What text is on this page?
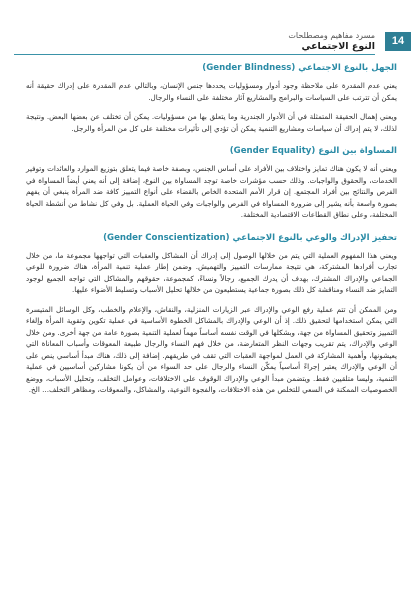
مسرد مفاهيم ومصطلحات
النوع الاجتماعي	14
الجهل بالنوع الاجتماعي (Gender Blindness)

يعني عدم المقدرة على ملاحظة وجود أدوار ومسؤوليات يحددها جنس الإنسان، وبالتالي عدم المقدرة على إدراك حقيقة أنه يمكن أن تترتب على السياسات والبرامج والمشاريع آثار مختلفة على النساء والرجال.

ويعني إهمال الحقيقة المتمثلة في أن الأدوار الجندرية وما يتعلق بها من مسؤوليات. يمكن أن تختلف عن بعضها البعض. ونتيجة لذلك، لا يتم إدراك أن سياسات ومشاريع التنمية يمكن أن تؤدي إلى تأثيرات مختلفة على كل من المرأة والرجل.

المساواة بين النوع (Gender Equality)

ويعني أنه لا يكون هناك تمايز واختلاف بين الأفراد على أساس الجنس، وبصفة خاصة فيما يتعلق بتوزيع الموارد والعائدات وتوفير الخدمات، والحقوق والواجبات. وذلك حسب مؤشرات خاصة توجد المساواة بين النوع، إضافة إلى أنه يعني أيضاً المساواة في الفرص والنتائج بين أفراد المجتمع. إن قرار الأمم المتحدة الخاص بالقضاء على أنواع التمييز كافة ضد المرأة ينبغي أن يفهم بصورة واسعة بأنه يشير إلى ضرورة المساواة في الفرص والواجبات وفي الحياة العملية. بل وفي كل نشاط من أنشطة الحياة المختلفة، وعلى نطاق القطاعات الاقتصادية المختلفة.

تحفيز الإدراك والوعي بالنوع الاجتماعي (Gender Conscientization)

ويعني هذا المفهوم العملية التي يتم من خلالها الوصول إلى إدراك أن المشاكل والعقبات التي تواجهها مجموعة ما، من خلال تجارب أفرادها المشتركة، هي نتيجة ممارسات التمييز والتهميش. وضمن إطار عملية تنمية المرأة، هناك ضرورة للوعي الجماعي والإدراك المشترك، بهدف أن يدرك الجميع، رجالاً ونساءً، كمجموعة، حقوقهم والمشاكل التي تواجه الجميع لوجود التمايز ضد النساء ومناقشة كل ذلك بصورة جماعية يستطيعون من خلالها تحليل الأسباب وتسليط الأضواء عليها.

ومن الممكن أن تتم عملية رفع الوعي والإدراك عبر الزيارات المنزلية، والنقاش، والإعلام والخطب، وكل الوسائل المتيسرة التي يمكن استخدامها لتحقيق ذلك. إذ أن الوعي والإدراك بالمشاكل الخطوة الأساسية في عملية تكوين وتقوية المرأة وإلغاء التمييز وتحقيق المساواة من جهة، وبشكلها في الوقت نفسه أساساً مهماً لعملية التنمية بصورة عامة من جهة أخرى. ومن خلال الوعي والإدراك، يتم تقريب وجهات النظر المتعارضة، من خلال فهم النساء والرجال طبيعة المعوقات وأسباب المعاناة التي يعيشونها، وأهمية المشاركة في العمل لمواجهة العقبات التي تقف في طريقهم. إضافة إلى ذلك، هناك مبدأ أساسي ينص على أن الوعي والإدراك يعتبر إجراءً أساسياً يمكّن النساء والرجال على حد السواء من أن يكونا مشاركين أساسيين في عملية التنمية، وليسا متلقيين فقط. ويتضمن مبدأ الوعي والإدراك الوقوف على الاختلافات، وعوامل التخلف، وتحليل الأسباب، ووضع الخصوصيات الممكنة في السعي للتخلص من هذه الاختلافات، والفجوة النوعية، والمشاكل، والمعوقات، ومظاهر التخلف... الخ.
